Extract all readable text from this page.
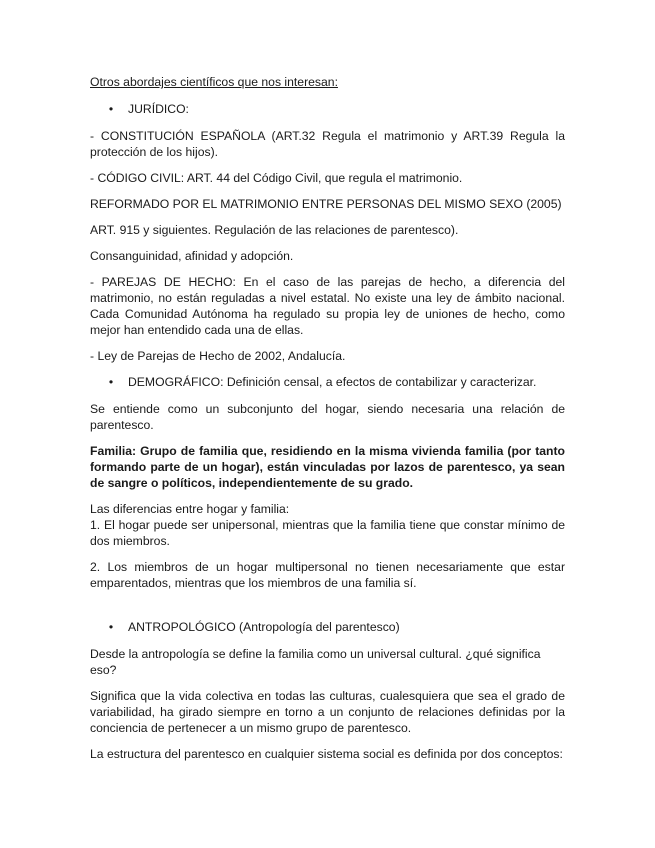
Otros abordajes científicos que nos interesan:

•	JURÍDICO:

- CONSTITUCIÓN ESPAÑOLA (ART.32 Regula el matrimonio y ART.39 Regula la protección de los hijos).

- CÓDIGO CIVIL: ART. 44 del Código Civil, que regula el matrimonio.

REFORMADO POR EL MATRIMONIO ENTRE PERSONAS DEL MISMO SEXO (2005)

ART. 915 y siguientes. Regulación de las relaciones de parentesco).

Consanguinidad, afinidad y adopción.

- PAREJAS DE HECHO: En el caso de las parejas de hecho, a diferencia del matrimonio, no están reguladas a nivel estatal. No existe una ley de ámbito nacional. Cada Comunidad Autónoma ha regulado su propia ley de uniones de hecho, como mejor han entendido cada una de ellas.

- Ley de Parejas de Hecho de 2002, Andalucía.

•	DEMOGRÁFICO: Definición censal, a efectos de contabilizar y caracterizar.

Se entiende como un subconjunto del hogar, siendo necesaria una relación de parentesco.

Familia: Grupo de familia que, residiendo en la misma vivienda familia (por tanto formando parte de un hogar), están vinculadas por lazos de parentesco, ya sean de sangre o políticos, independientemente de su grado.

Las diferencias entre hogar y familia:

1. El hogar puede ser unipersonal, mientras que la familia tiene que constar mínimo de dos miembros.

2. Los miembros de un hogar multipersonal no tienen necesariamente que estar emparentados, mientras que los miembros de una familia sí.

•	ANTROPOLÓGICO (Antropología del parentesco)

Desde la antropología se define la familia como un universal cultural. ¿qué significa eso?

Significa que la vida colectiva en todas las culturas, cualesquiera que sea el grado de variabilidad, ha girado siempre en torno a un conjunto de relaciones definidas por la conciencia de pertenecer a un mismo grupo de parentesco.

La estructura del parentesco en cualquier sistema social es definida por dos conceptos:
